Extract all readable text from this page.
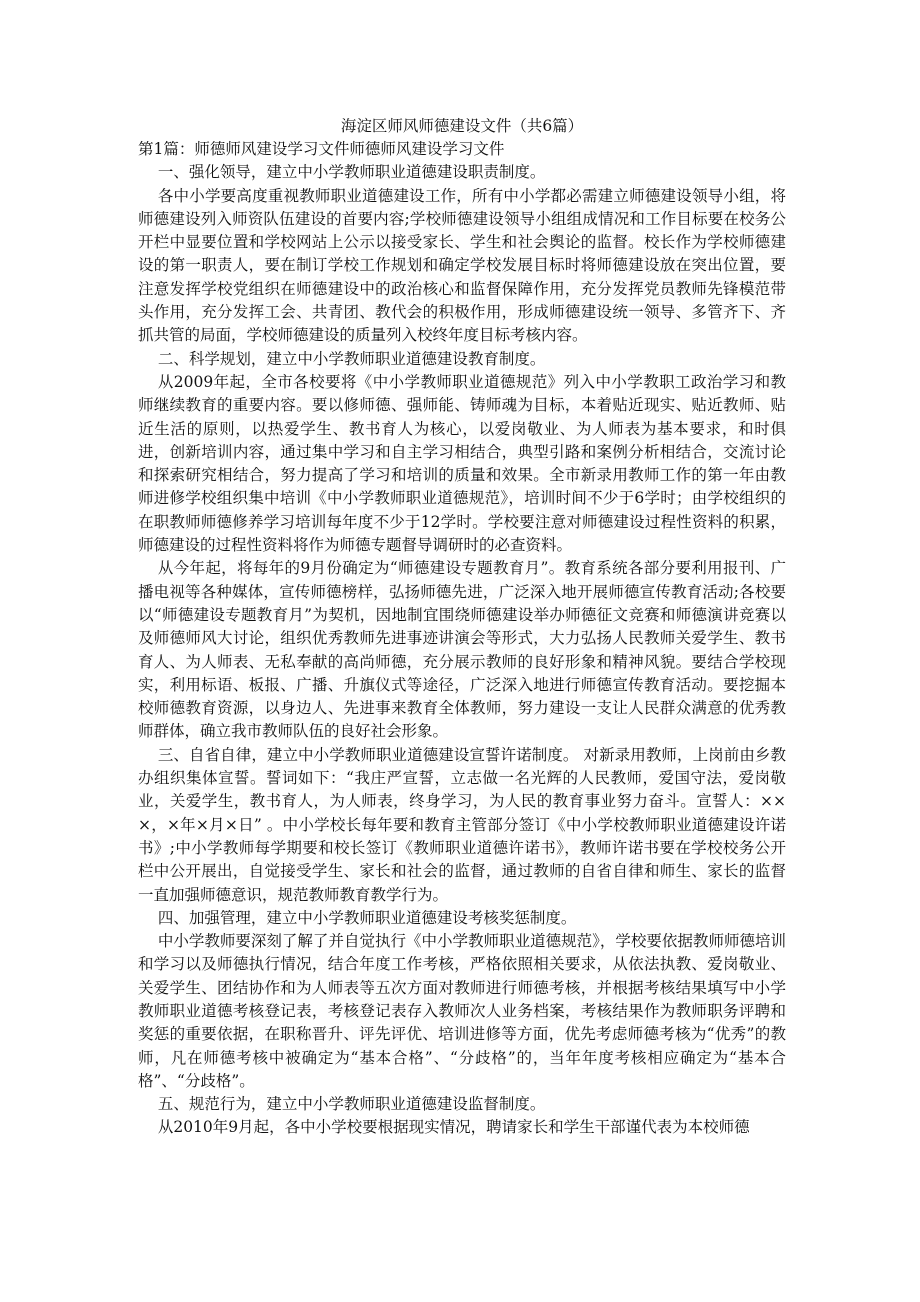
海淀区师风师德建设文件（共6篇）

第1篇：师德师风建设学习文件师德师风建设学习文件

一、强化领导，建立中小学教师职业道德建设职责制度。

各中小学要高度重视教师职业道德建设工作，所有中小学都必需建立师德建设领导小组，将师德建设列入师资队伍建设的首要内容;学校师德建设领导小组组成情况和工作目标要在校务公开栏中显要位置和学校网站上公示以接受家长、学生和社会舆论的监督。校长作为学校师德建设的第一职责人，要在制订学校工作规划和确定学校发展目标时将师德建设放在突出位置，要注意发挥学校党组织在师德建设中的政治核心和监督保障作用，充分发挥党员教师先锋模范带头作用，充分发挥工会、共青团、教代会的积极作用，形成师德建设统一领导、多管齐下、齐抓共管的局面，学校师德建设的质量列入校终年度目标考核内容。

二、科学规划，建立中小学教师职业道德建设教育制度。

从2009年起，全市各校要将《中小学教师职业道德规范》列入中小学教职工政治学习和教师继续教育的重要内容。要以修师德、强师能、铸师魂为目标，本着贴近现实、贴近教师、贴近生活的原则，以热爱学生、教书育人为核心，以爱岗敬业、为人师表为基本要求，和时俱进，创新培训内容，通过集中学习和自主学习相结合，典型引路和案例分析相结合，交流讨论和探索研究相结合，努力提高了学习和培训的质量和效果。全市新录用教师工作的第一年由教师进修学校组织集中培训《中小学教师职业道德规范》，培训时间不少于6学时；由学校组织的在职教师师德修养学习培训每年度不少于12学时。学校要注意对师德建设过程性资料的积累，师德建设的过程性资料将作为师德专题督导调研时的必查资料。

从今年起，将每年的9月份确定为“师德建设专题教育月”。教育系统各部分要利用报刊、广播电视等各种媒体，宣传师德榜样，弘扬师德先进，广泛深入地开展师德宣传教育活动;各校要以“师德建设专题教育月”为契机，因地制宜围绕师德建设举办师德征文竞赛和师德演讲竞赛以及师德师风大讨论，组织优秀教师先进事迹讲演会等形式，大力弘扬人民教师关爱学生、教书育人、为人师表、无私奉献的高尚师德，充分展示教师的良好形象和精神风貌。要结合学校现实，利用标语、板报、广播、升旗仪式等途径，广泛深入地进行师德宣传教育活动。要挖掘本校师德教育资源，以身边人、先进事来教育全体教师，努力建设一支让人民群众满意的优秀教师群体，确立我市教师队伍的良好社会形象。

三、自省自律，建立中小学教师职业道德建设宣誓许诺制度。 对新录用教师，上岗前由乡教办组织集体宣誓。誓词如下：“我庄严宣誓，立志做一名光辉的人民教师，爱国守法，爱岗敬业，关爱学生，教书育人，为人师表，终身学习，为人民的教育事业努力奋斗。宣誓人：×××，×年×月×日” 。中小学校长每年要和教育主管部分签订《中小学校教师职业道德建设许诺书》;中小学教师每学期要和校长签订《教师职业道德许诺书》，教师许诺书要在学校校务公开栏中公开展出，自觉接受学生、家长和社会的监督，通过教师的自省自律和师生、家长的监督一直加强师德意识，规范教师教育教学行为。

四、加强管理，建立中小学教师职业道德建设考核奖惩制度。

中小学教师要深刻了解了并自觉执行《中小学教师职业道德规范》，学校要依据教师师德培训和学习以及师德执行情况，结合年度工作考核，严格依照相关要求，从依法执教、爱岗敬业、关爱学生、团结协作和为人师表等五次方面对教师进行师德考核，并根据考核结果填写中小学教师职业道德考核登记表，考核登记表存入教师次人业务档案，考核结果作为教师职务评聘和奖惩的重要依据，在职称晋升、评先评优、培训进修等方面，优先考虑师德考核为“优秀”的教师，凡在师德考核中被确定为“基本合格”、“分歧格”的，当年年度考核相应确定为“基本合格”、“分歧格”。

五、规范行为，建立中小学教师职业道德建设监督制度。

从2010年9月起，各中小学校要根据现实情况，聘请家长和学生干部谨代表为本校师德
